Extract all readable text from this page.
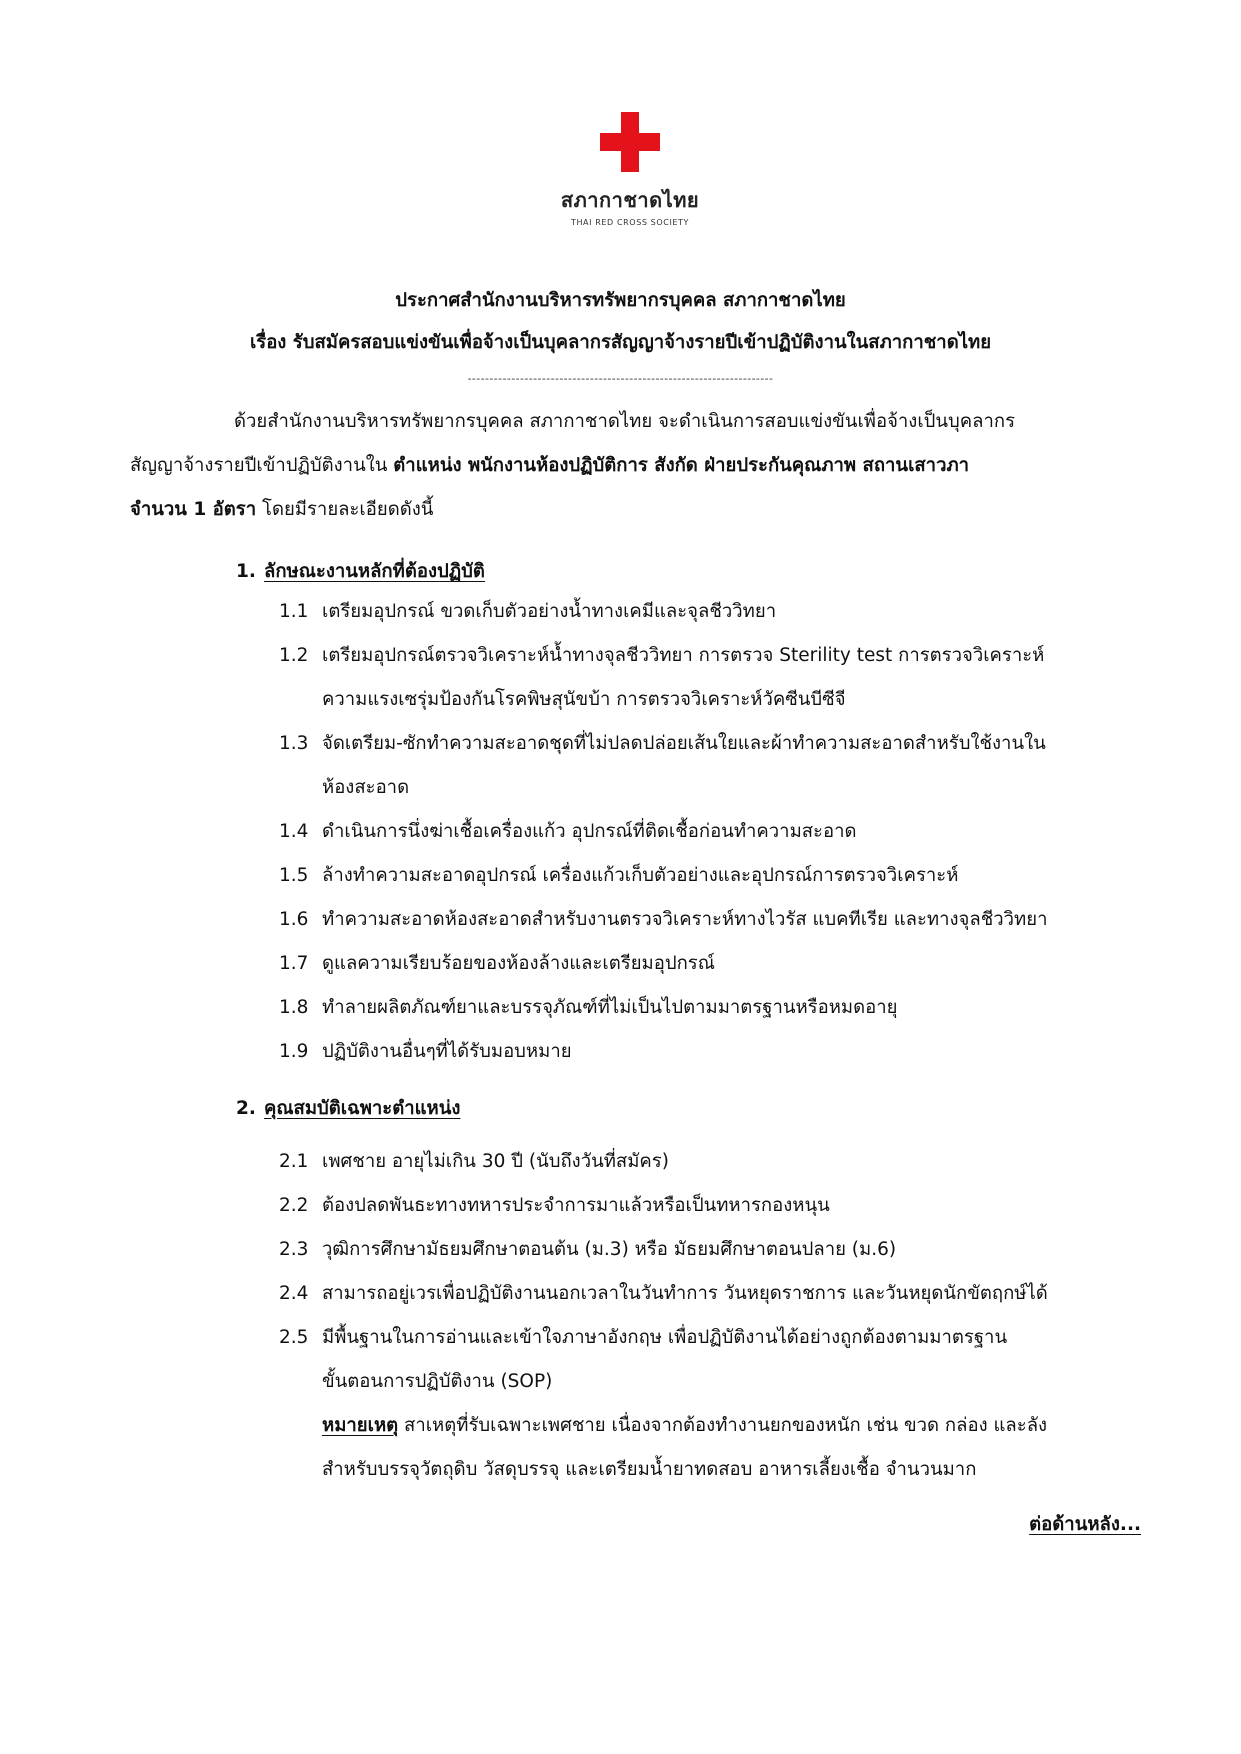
สภากาชาดไทย
THAI RED CROSS SOCIETY
ประกาศสำนักงานบริหารทรัพยากรบุคคล สภากาชาดไทย
เรื่อง รับสมัครสอบแข่งขันเพื่อจ้างเป็นบุคลากรสัญญาจ้างรายปีเข้าปฏิบัติงานในสภากาชาดไทย
----------------------------------------------------------------------

ด้วยสำนักงานบริหารทรัพยากรบุคคล สภากาชาดไทย จะดำเนินการสอบแข่งขันเพื่อจ้างเป็นบุคลากร

สัญญาจ้างรายปีเข้าปฏิบัติงานใน ตำแหน่ง พนักงานห้องปฏิบัติการ สังกัด ฝ่ายประกันคุณภาพ สถานเสาวภา

จำนวน 1 อัตรา โดยมีรายละเอียดดังนี้

1. ลักษณะงานหลักที่ต้องปฏิบัติ
1.1 เตรียมอุปกรณ์ ขวดเก็บตัวอย่างน้ำทางเคมีและจุลชีววิทยา
1.2 เตรียมอุปกรณ์ตรวจวิเคราะห์น้ำทางจุลชีววิทยา การตรวจ Sterility test การตรวจวิเคราะห์
ความแรงเซรุ่มป้องกันโรคพิษสุนัขบ้า การตรวจวิเคราะห์วัคซีนบีซีจี
1.3 จัดเตรียม-ซักทำความสะอาดชุดที่ไม่ปลดปล่อยเส้นใยและผ้าทำความสะอาดสำหรับใช้งานใน
ห้องสะอาด
1.4 ดำเนินการนึ่งฆ่าเชื้อเครื่องแก้ว อุปกรณ์ที่ติดเชื้อก่อนทำความสะอาด
1.5 ล้างทำความสะอาดอุปกรณ์ เครื่องแก้วเก็บตัวอย่างและอุปกรณ์การตรวจวิเคราะห์
1.6 ทำความสะอาดห้องสะอาดสำหรับงานตรวจวิเคราะห์ทางไวรัส แบคทีเรีย และทางจุลชีววิทยา
1.7 ดูแลความเรียบร้อยของห้องล้างและเตรียมอุปกรณ์
1.8 ทำลายผลิตภัณฑ์ยาและบรรจุภัณฑ์ที่ไม่เป็นไปตามมาตรฐานหรือหมดอายุ
1.9 ปฏิบัติงานอื่นๆที่ได้รับมอบหมาย
2. คุณสมบัติเฉพาะตำแหน่ง
2.1 เพศชาย อายุไม่เกิน 30 ปี (นับถึงวันที่สมัคร)
2.2 ต้องปลดพันธะทางทหารประจำการมาแล้วหรือเป็นทหารกองหนุน
2.3 วุฒิการศึกษามัธยมศึกษาตอนต้น (ม.3) หรือ มัธยมศึกษาตอนปลาย (ม.6)
2.4 สามารถอยู่เวรเพื่อปฏิบัติงานนอกเวลาในวันทำการ วันหยุดราชการ และวันหยุดนักขัตฤกษ์ได้
2.5 มีพื้นฐานในการอ่านและเข้าใจภาษาอังกฤษ เพื่อปฏิบัติงานได้อย่างถูกต้องตามมาตรฐาน
ขั้นตอนการปฏิบัติงาน (SOP)
หมายเหตุ สาเหตุที่รับเฉพาะเพศชาย เนื่องจากต้องทำงานยกของหนัก เช่น ขวด กล่อง และลัง
สำหรับบรรจุวัตถุดิบ วัสดุบรรจุ และเตรียมน้ำยาทดสอบ อาหารเลี้ยงเชื้อ จำนวนมาก
ต่อด้านหลัง...
